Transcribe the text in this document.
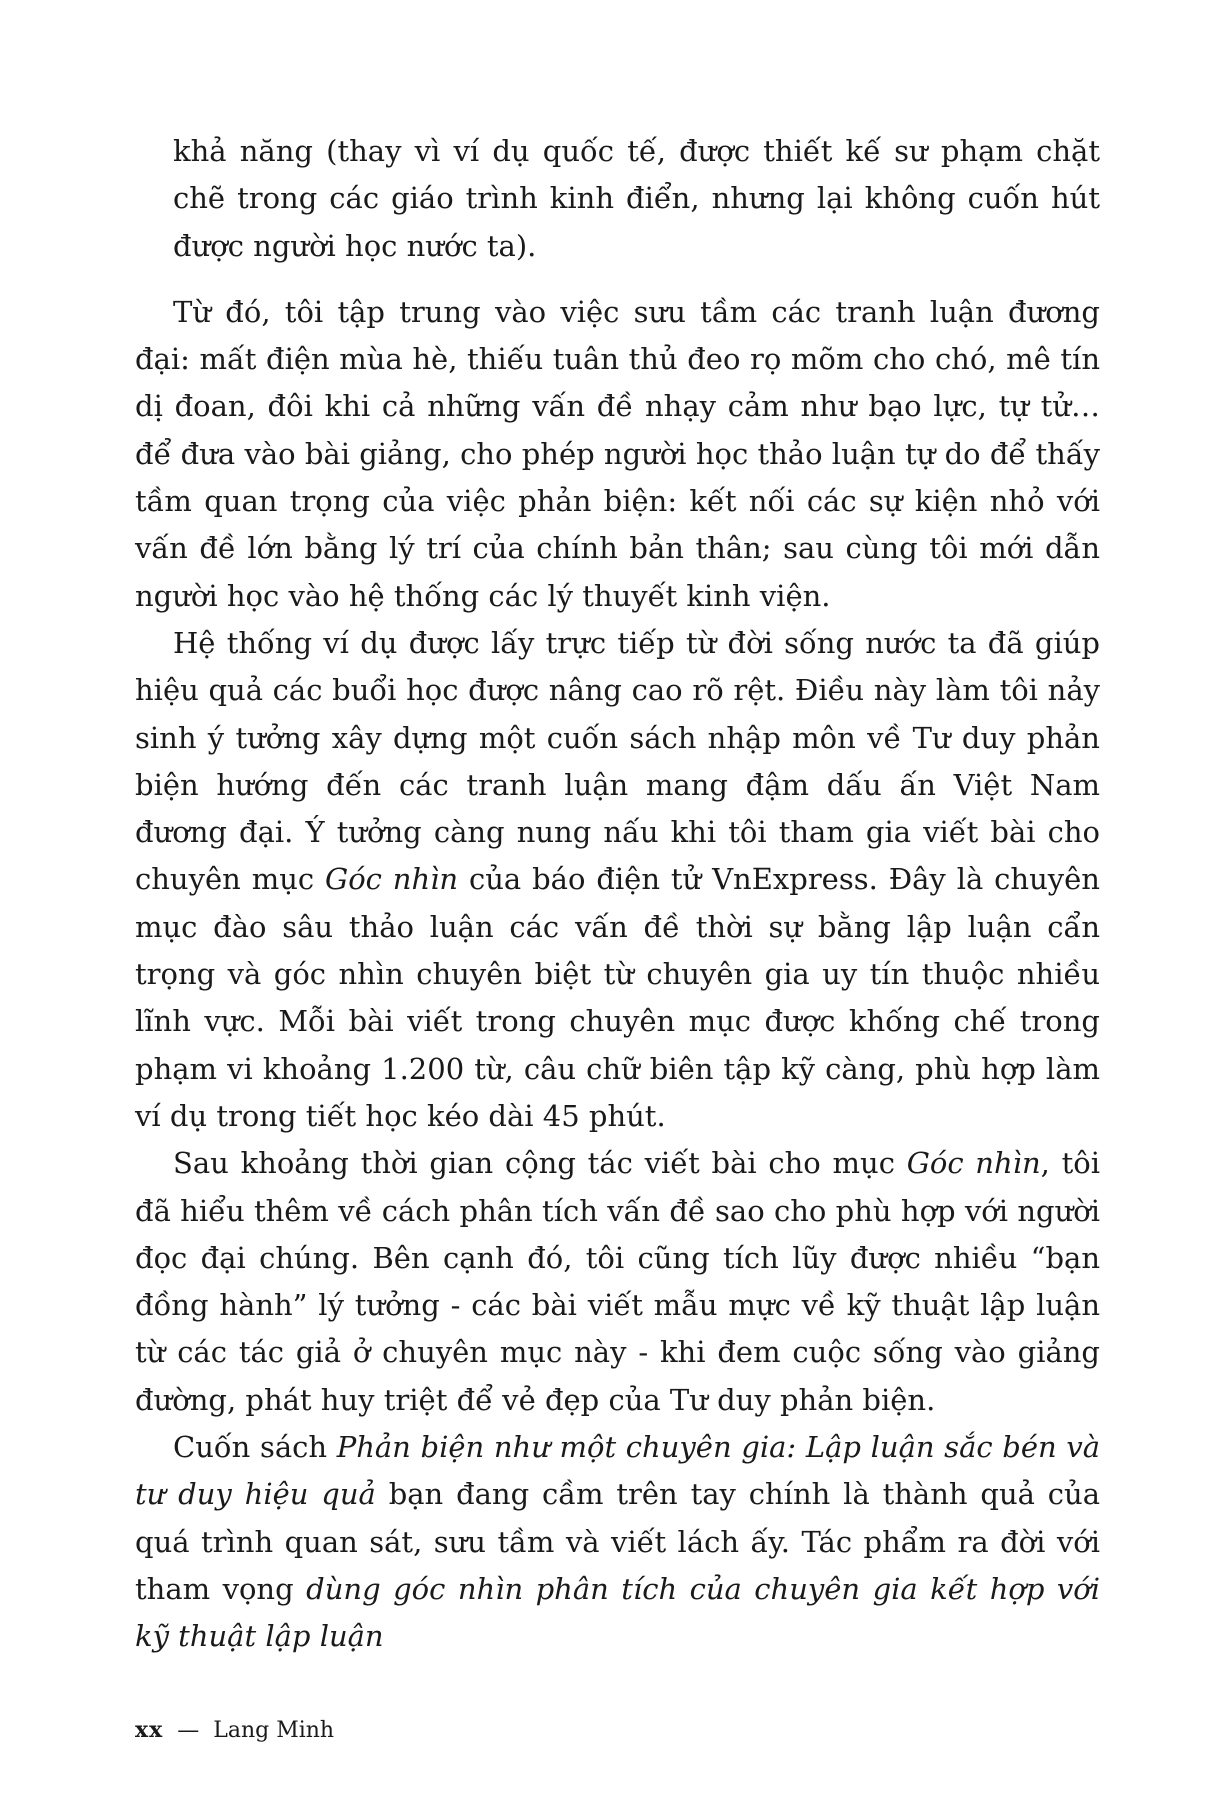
khả năng (thay vì ví dụ quốc tế, được thiết kế sư phạm chặt chẽ trong các giáo trình kinh điển, nhưng lại không cuốn hút được người học nước ta).

Từ đó, tôi tập trung vào việc sưu tầm các tranh luận đương đại: mất điện mùa hè, thiếu tuân thủ đeo rọ mõm cho chó, mê tín dị đoan, đôi khi cả những vấn đề nhạy cảm như bạo lực, tự tử… để đưa vào bài giảng, cho phép người học thảo luận tự do để thấy tầm quan trọng của việc phản biện: kết nối các sự kiện nhỏ với vấn đề lớn bằng lý trí của chính bản thân; sau cùng tôi mới dẫn người học vào hệ thống các lý thuyết kinh viện.

Hệ thống ví dụ được lấy trực tiếp từ đời sống nước ta đã giúp hiệu quả các buổi học được nâng cao rõ rệt. Điều này làm tôi nảy sinh ý tưởng xây dựng một cuốn sách nhập môn về Tư duy phản biện hướng đến các tranh luận mang đậm dấu ấn Việt Nam đương đại. Ý tưởng càng nung nấu khi tôi tham gia viết bài cho chuyên mục Góc nhìn của báo điện tử VnExpress. Đây là chuyên mục đào sâu thảo luận các vấn đề thời sự bằng lập luận cẩn trọng và góc nhìn chuyên biệt từ chuyên gia uy tín thuộc nhiều lĩnh vực. Mỗi bài viết trong chuyên mục được khống chế trong phạm vi khoảng 1.200 từ, câu chữ biên tập kỹ càng, phù hợp làm ví dụ trong tiết học kéo dài 45 phút.

Sau khoảng thời gian cộng tác viết bài cho mục Góc nhìn, tôi đã hiểu thêm về cách phân tích vấn đề sao cho phù hợp với người đọc đại chúng. Bên cạnh đó, tôi cũng tích lũy được nhiều “bạn đồng hành” lý tưởng - các bài viết mẫu mực về kỹ thuật lập luận từ các tác giả ở chuyên mục này - khi đem cuộc sống vào giảng đường, phát huy triệt để vẻ đẹp của Tư duy phản biện.

Cuốn sách Phản biện như một chuyên gia: Lập luận sắc bén và tư duy hiệu quả bạn đang cầm trên tay chính là thành quả của quá trình quan sát, sưu tầm và viết lách ấy. Tác phẩm ra đời với tham vọng dùng góc nhìn phân tích của chuyên gia kết hợp với kỹ thuật lập luận

xx — Lang Minh
